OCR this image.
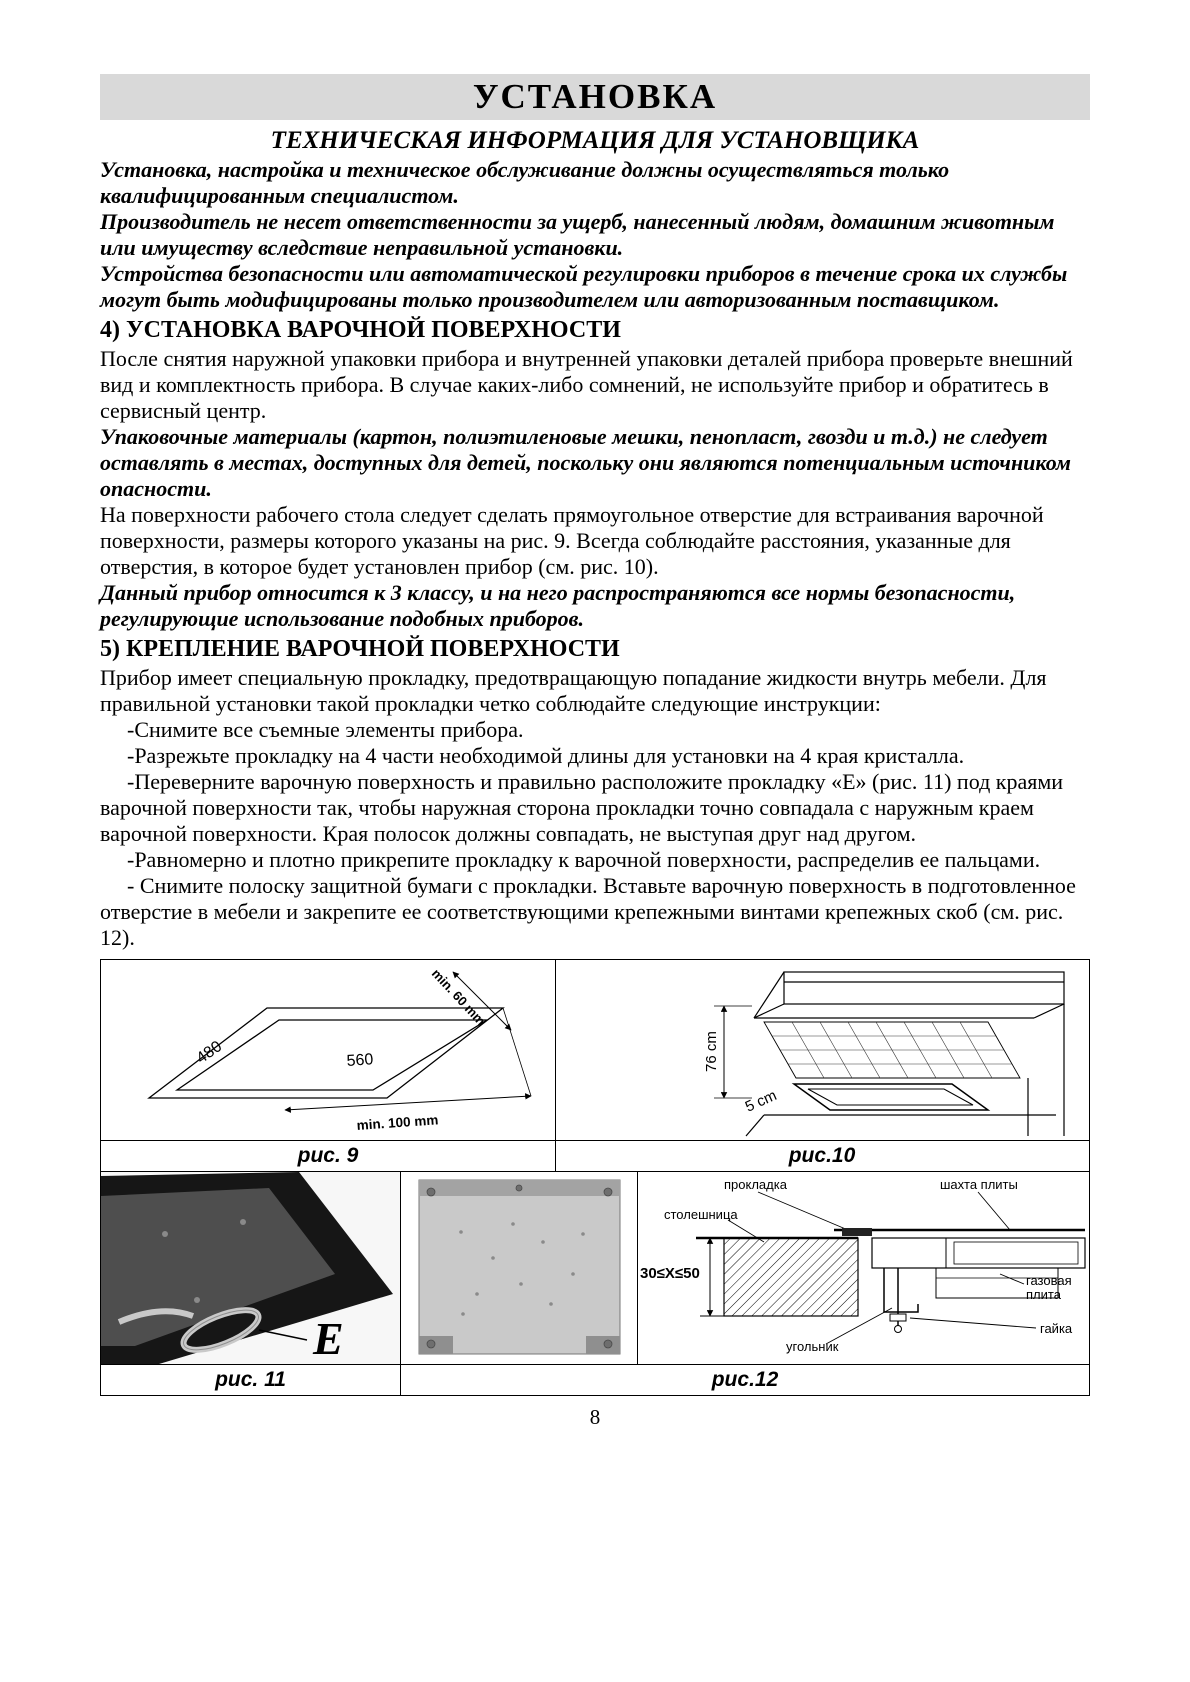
УСТАНОВКА
ТЕХНИЧЕСКАЯ ИНФОРМАЦИЯ ДЛЯ УСТАНОВЩИКА

Установка, настройка и техническое обслуживание должны осуществляться только квалифицированным специалистом.

Производитель не несет ответственности за ущерб, нанесенный людям, домашним животным или имуществу вследствие неправильной установки.

Устройства безопасности или автоматической регулировки приборов в течение срока их службы могут быть модифицированы только производителем или авторизованным поставщиком.

4) УСТАНОВКА ВАРОЧНОЙ ПОВЕРХНОСТИ

После снятия наружной упаковки прибора и внутренней упаковки деталей прибора проверьте внешний вид и комплектность прибора. В случае каких-либо сомнений, не используйте прибор и обратитесь в сервисный центр.

Упаковочные материалы (картон, полиэтиленовые мешки, пенопласт, гвозди и т.д.) не следует оставлять в местах, доступных для детей, поскольку они являются потенциальным источником опасности.

На поверхности рабочего стола следует сделать прямоугольное отверстие для встраивания варочной поверхности, размеры которого указаны на рис. 9. Всегда соблюдайте расстояния, указанные для отверстия, в которое будет установлен прибор (см. рис. 10).

Данный прибор относится к 3 классу, и на него распространяются все нормы безопасности, регулирующие использование подобных приборов.

5) КРЕПЛЕНИЕ ВАРОЧНОЙ ПОВЕРХНОСТИ

Прибор имеет специальную прокладку, предотвращающую попадание жидкости внутрь мебели. Для правильной установки такой прокладки четко соблюдайте следующие инструкции:

-Снимите все съемные элементы прибора.

-Разрежьте прокладку на 4 части необходимой длины для установки на 4 края кристалла.

-Переверните варочную поверхность и правильно расположите прокладку «Е» (рис. 11) под краями варочной поверхности так, чтобы наружная сторона прокладки точно совпадала с наружным краем варочной поверхности. Края полосок должны совпадать, не выступая друг над другом.

-Равномерно и плотно прикрепите прокладку к варочной поверхности, распределив ее пальцами.

- Снимите полоску защитной бумаги с прокладки. Вставьте варочную поверхность в подготовленное отверстие в мебели и закрепите ее соответствующими крепежными винтами крепежных скоб (см. рис. 12).

480	560
min. 60 mm
min. 100 mm
76 cm
5 cm
рис. 9	рис.10
E
прокладка	шахта плиты
столешница
30≤X≤50	газовая плита
гайка
угольник
рис. 11	рис.12
8
